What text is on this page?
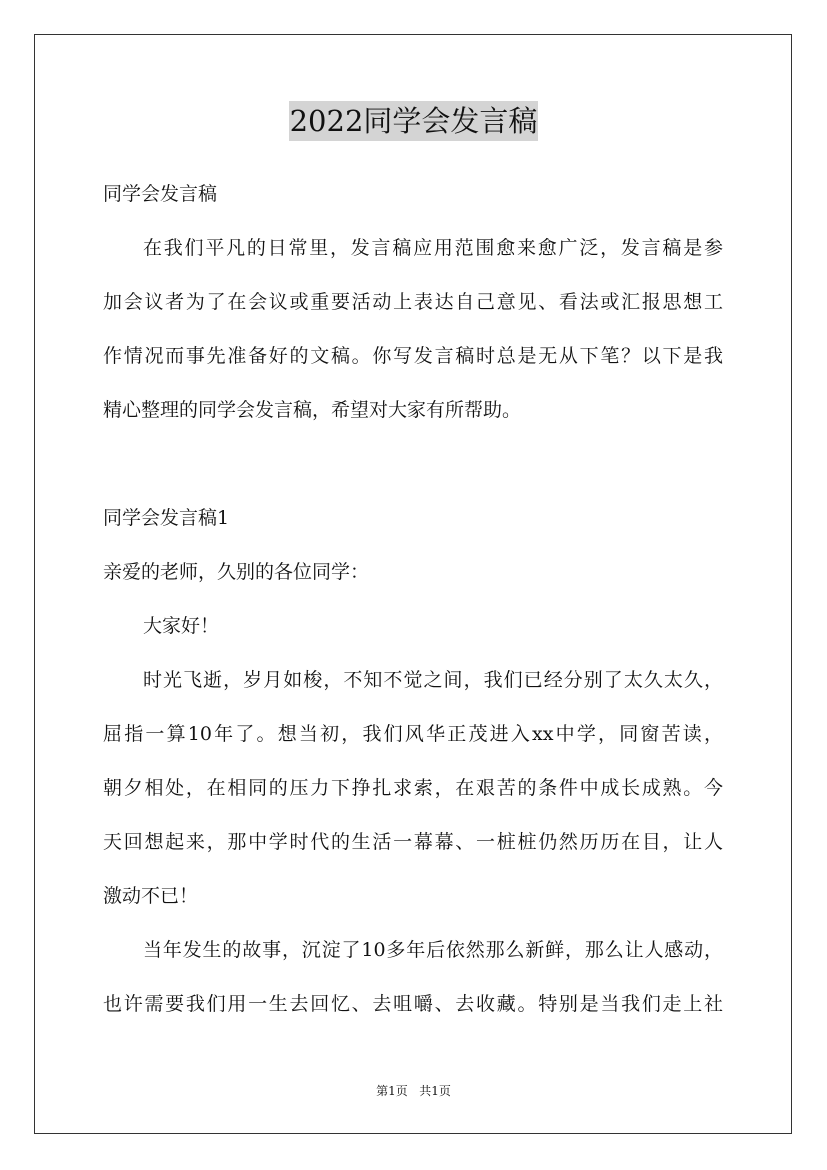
2022同学会发言稿
同学会发言稿
在我们平凡的日常里，发言稿应用范围愈来愈广泛，发言稿是参
加会议者为了在会议或重要活动上表达自己意见、看法或汇报思想工
作情况而事先准备好的文稿。你写发言稿时总是无从下笔？以下是我
精心整理的同学会发言稿，希望对大家有所帮助。
同学会发言稿1
亲爱的老师，久别的各位同学：
大家好！
时光飞逝，岁月如梭，不知不觉之间，我们已经分别了太久太久，
屈指一算10年了。想当初，我们风华正茂进入xx中学，同窗苦读，
朝夕相处，在相同的压力下挣扎求索，在艰苦的条件中成长成熟。今
天回想起来，那中学时代的生活一幕幕、一桩桩仍然历历在目，让人
激动不已！
当年发生的故事，沉淀了10多年后依然那么新鲜，那么让人感动，
也许需要我们用一生去回忆、去咀嚼、去收藏。特别是当我们走上社
第1页 共1页
